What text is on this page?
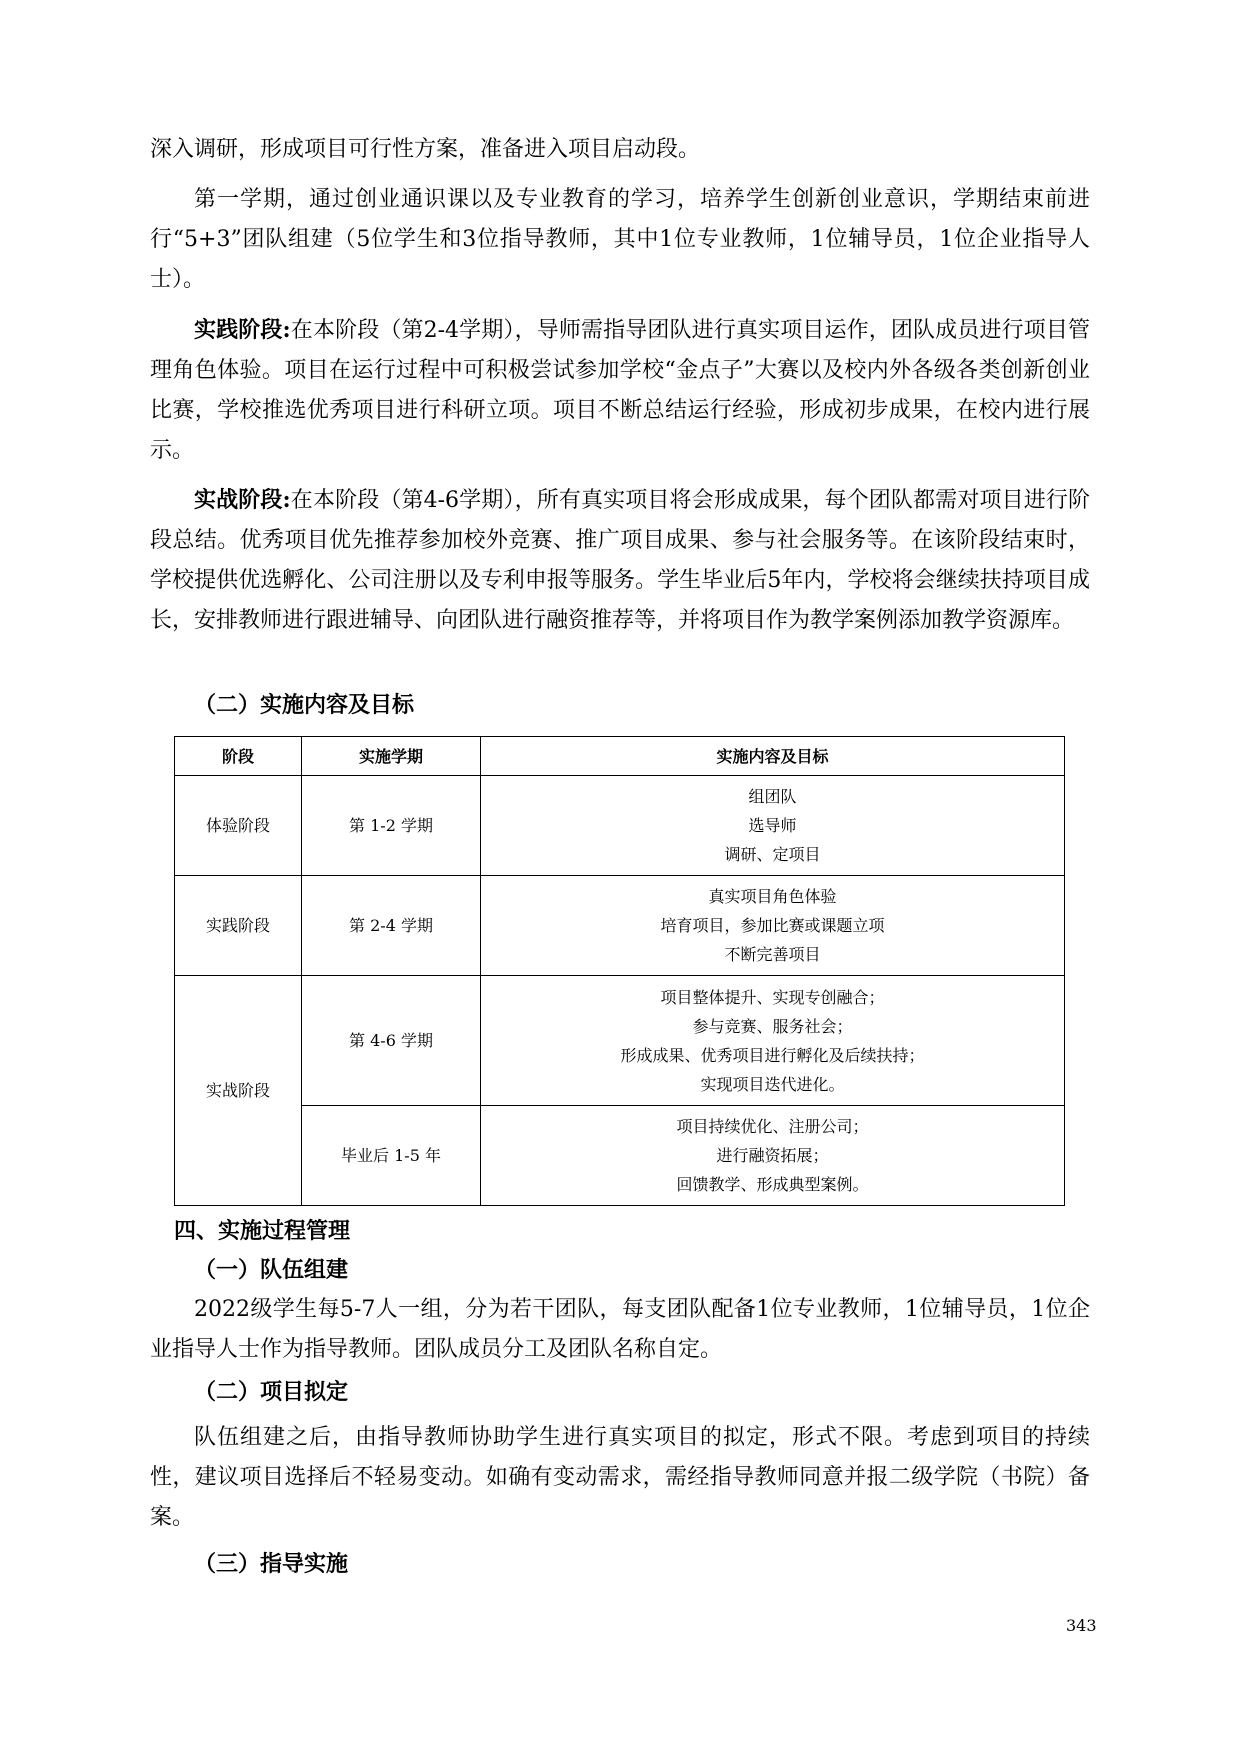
深入调研，形成项目可行性方案，准备进入项目启动段。

第一学期，通过创业通识课以及专业教育的学习，培养学生创新创业意识，学期结束前进行“5+3”团队组建（5位学生和3位指导教师，其中1位专业教师，1位辅导员，1位企业指导人士）。

实践阶段:在本阶段（第2-4学期），导师需指导团队进行真实项目运作，团队成员进行项目管理角色体验。项目在运行过程中可积极尝试参加学校“金点子”大赛以及校内外各级各类创新创业比赛，学校推选优秀项目进行科研立项。项目不断总结运行经验，形成初步成果，在校内进行展示。

实战阶段:在本阶段（第4-6学期），所有真实项目将会形成成果，每个团队都需对项目进行阶段总结。优秀项目优先推荐参加校外竞赛、推广项目成果、参与社会服务等。在该阶段结束时，学校提供优选孵化、公司注册以及专利申报等服务。学生毕业后5年内，学校将会继续扶持项目成长，安排教师进行跟进辅导、向团队进行融资推荐等，并将项目作为教学案例添加教学资源库。

（二）实施内容及目标
阶段	实施学期	实施内容及目标
体验阶段	第 1-2 学期	组团队
选导师
调研、定项目

实践阶段	第 2-4 学期	真实项目角色体验
培育项目，参加比赛或课题立项
不断完善项目

实战阶段	第 4-6 学期	项目整体提升、实现专创融合；
参与竞赛、服务社会；
形成成果、优秀项目进行孵化及后续扶持；
实现项目迭代进化。

	毕业后 1-5 年	项目持续优化、注册公司；
进行融资拓展；
回馈教学、形成典型案例。
四、实施过程管理
（一）队伍组建

2022级学生每5-7人一组，分为若干团队，每支团队配备1位专业教师，1位辅导员，1位企业指导人士作为指导教师。团队成员分工及团队名称自定。

（二）项目拟定

队伍组建之后，由指导教师协助学生进行真实项目的拟定，形式不限。考虑到项目的持续性，建议项目选择后不轻易变动。如确有变动需求，需经指导教师同意并报二级学院（书院）备案。

（三）指导实施
343
